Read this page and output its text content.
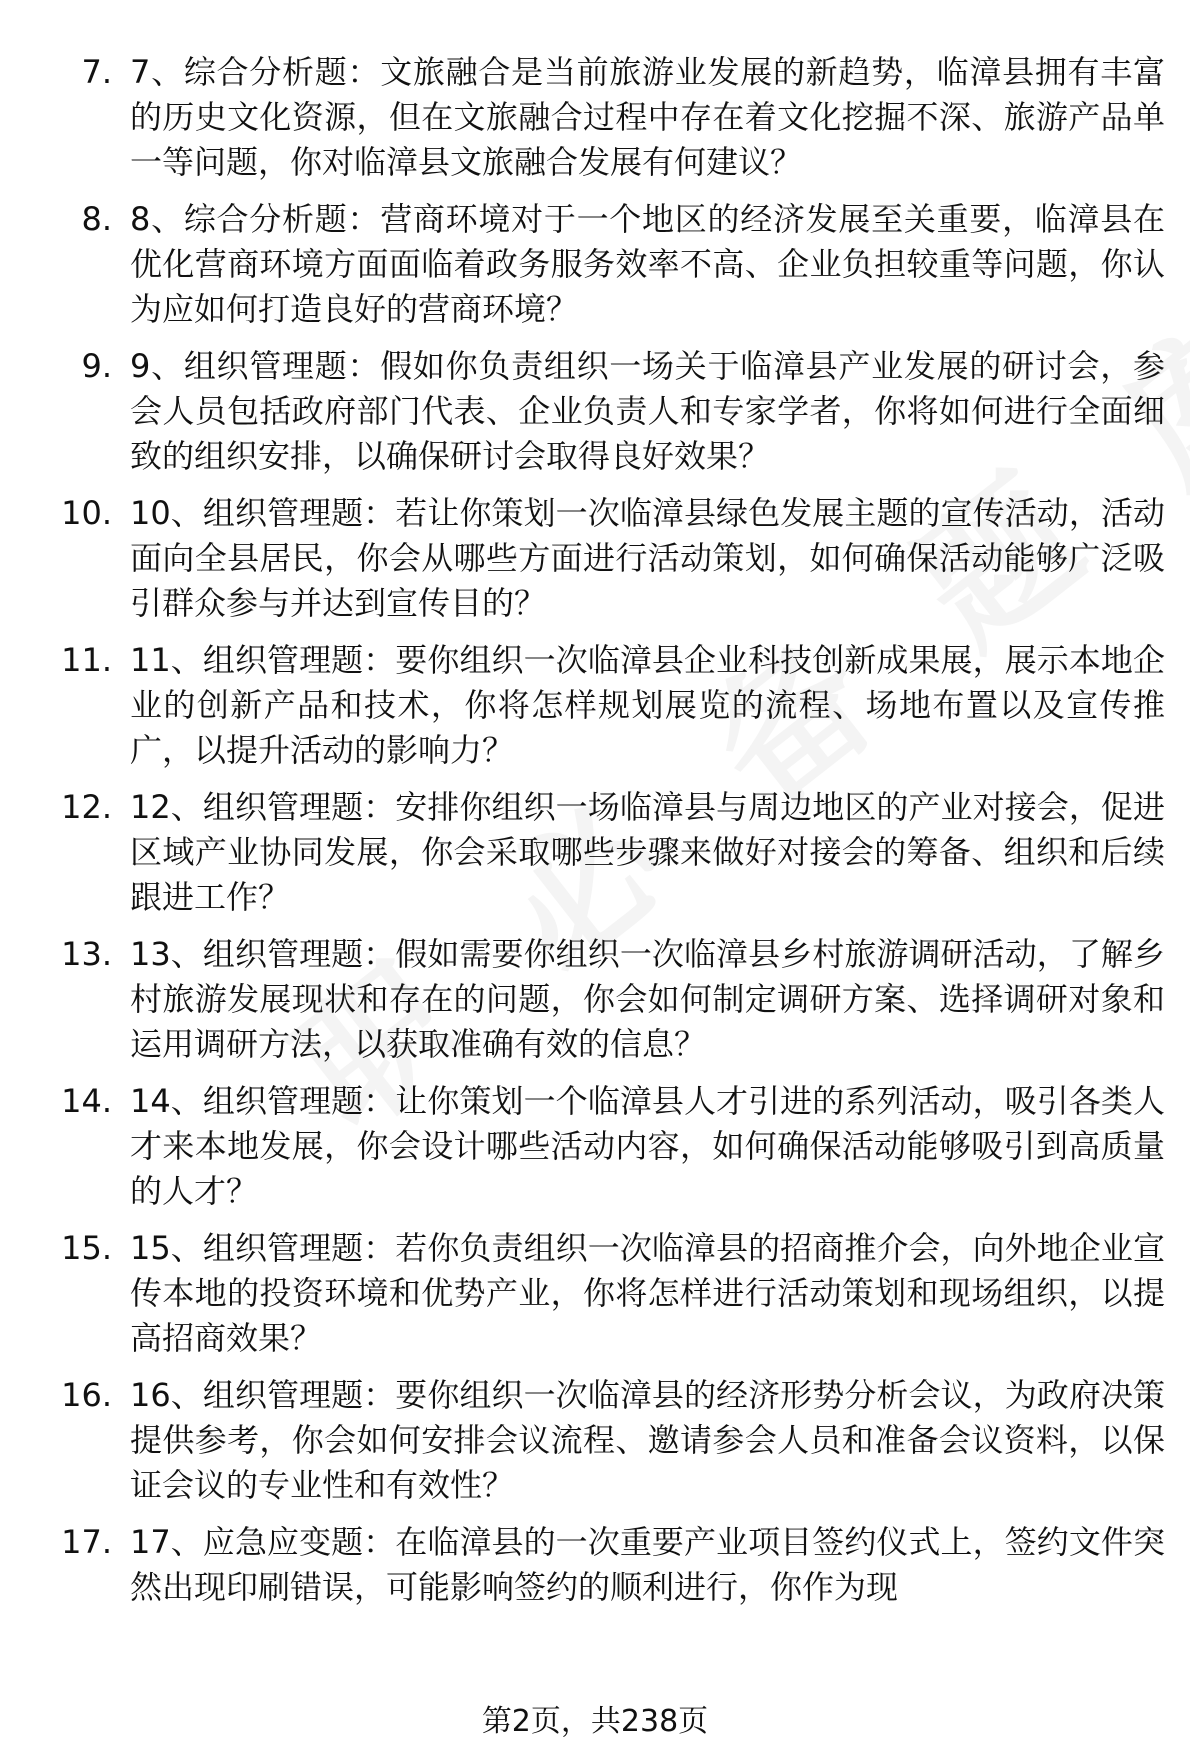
7. 7、综合分析题：文旅融合是当前旅游业发展的新趋势，临漳县拥有丰富的历史文化资源，但在文旅融合过程中存在着文化挖掘不深、旅游产品单一等问题，你对临漳县文旅融合发展有何建议？
8. 8、综合分析题：营商环境对于一个地区的经济发展至关重要，临漳县在优化营商环境方面面临着政务服务效率不高、企业负担较重等问题，你认为应如何打造良好的营商环境？
9. 9、组织管理题：假如你负责组织一场关于临漳县产业发展的研讨会，参会人员包括政府部门代表、企业负责人和专家学者，你将如何进行全面细致的组织安排，以确保研讨会取得良好效果？
10. 10、组织管理题：若让你策划一次临漳县绿色发展主题的宣传活动，活动面向全县居民，你会从哪些方面进行活动策划，如何确保活动能够广泛吸引群众参与并达到宣传目的？
11. 11、组织管理题：要你组织一次临漳县企业科技创新成果展，展示本地企业的创新产品和技术，你将怎样规划展览的流程、场地布置以及宣传推广，以提升活动的影响力？
12. 12、组织管理题：安排你组织一场临漳县与周边地区的产业对接会，促进区域产业协同发展，你会采取哪些步骤来做好对接会的筹备、组织和后续跟进工作？
13. 13、组织管理题：假如需要你组织一次临漳县乡村旅游调研活动，了解乡村旅游发展现状和存在的问题，你会如何制定调研方案、选择调研对象和运用调研方法，以获取准确有效的信息？
14. 14、组织管理题：让你策划一个临漳县人才引进的系列活动，吸引各类人才来本地发展，你会设计哪些活动内容，如何确保活动能够吸引到高质量的人才？
15. 15、组织管理题：若你负责组织一次临漳县的招商推介会，向外地企业宣传本地的投资环境和优势产业，你将怎样进行活动策划和现场组织，以提高招商效果？
16. 16、组织管理题：要你组织一次临漳县的经济形势分析会议，为政府决策提供参考，你会如何安排会议流程、邀请参会人员和准备会议资料，以保证会议的专业性和有效性？
17. 17、应急应变题：在临漳县的一次重要产业项目签约仪式上，签约文件突然出现印刷错误，可能影响签约的顺利进行，你作为现
第2页，共238页
